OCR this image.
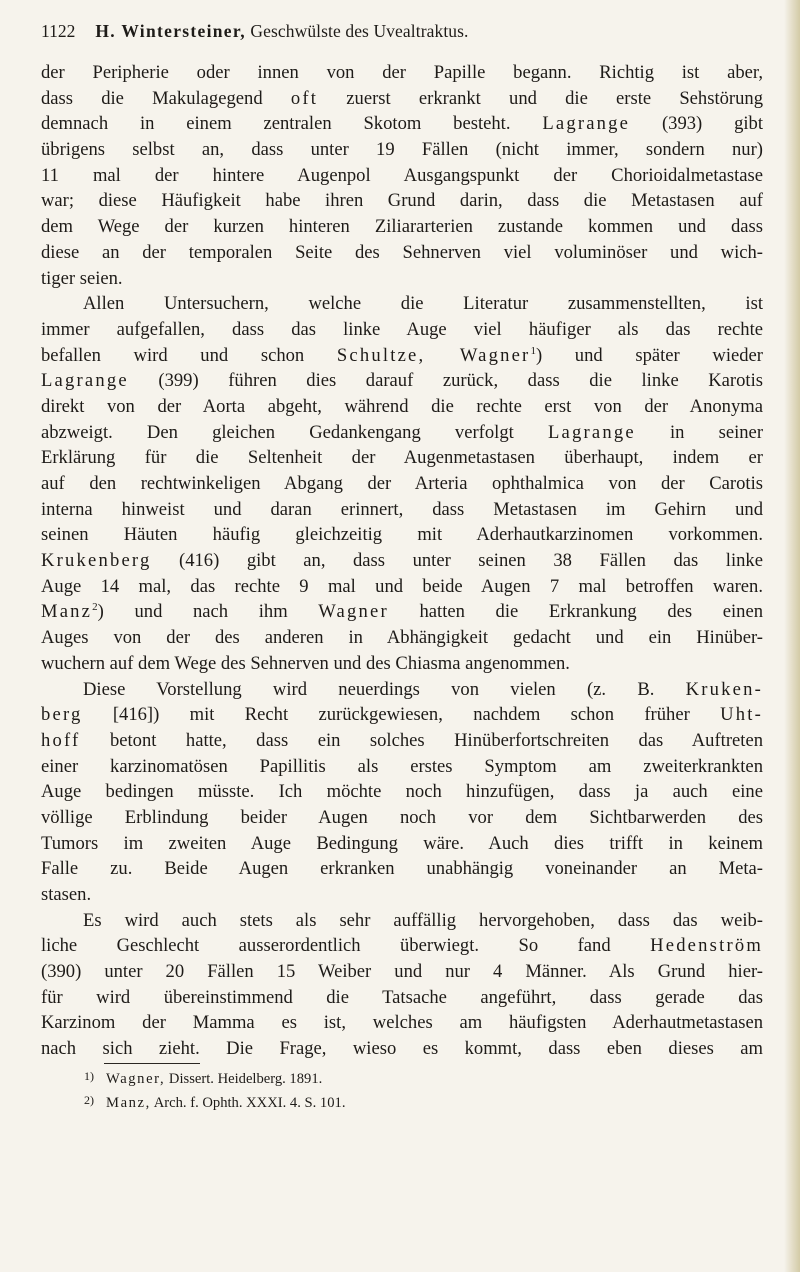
1122 H. Wintersteiner, Geschwülste des Uvealtraktus.
der Peripherie oder innen von der Papille begann. Richtig ist aber,
dass die Makulagegend oft zuerst erkrankt und die erste Sehstörung
demnach in einem zentralen Skotom besteht. Lagrange (393) gibt
übrigens selbst an, dass unter 19 Fällen (nicht immer, sondern nur)
11 mal der hintere Augenpol Ausgangspunkt der Chorioidalmetastase
war; diese Häufigkeit habe ihren Grund darin, dass die Metastasen auf
dem Wege der kurzen hinteren Ziliararterien zustande kommen und dass
diese an der temporalen Seite des Sehnerven viel voluminöser und wich-
tiger seien.
Allen Untersuchern, welche die Literatur zusammenstellten, ist
immer aufgefallen, dass das linke Auge viel häufiger als das rechte
befallen wird und schon Schultze, Wagner$^1$) und später wieder
Lagrange (399) führen dies darauf zurück, dass die linke Karotis
direkt von der Aorta abgeht, während die rechte erst von der Anonyma
abzweigt. Den gleichen Gedankengang verfolgt Lagrange in seiner
Erklärung für die Seltenheit der Augenmetastasen überhaupt, indem er
auf den rechtwinkeligen Abgang der Arteria ophthalmica von der Carotis
interna hinweist und daran erinnert, dass Metastasen im Gehirn und
seinen Häuten häufig gleichzeitig mit Aderhautkarzinomen vorkommen.
Krukenberg (416) gibt an, dass unter seinen 38 Fällen das linke
Auge 14 mal, das rechte 9 mal und beide Augen 7 mal betroffen waren.
Manz$^2$) und nach ihm Wagner hatten die Erkrankung des einen
Auges von der des anderen in Abhängigkeit gedacht und ein Hinüber-
wuchern auf dem Wege des Sehnerven und des Chiasma angenommen.
Diese Vorstellung wird neuerdings von vielen (z. B. Kruken-
berg [416]) mit Recht zurückgewiesen, nachdem schon früher Uht-
hoff betont hatte, dass ein solches Hinüberfortschreiten das Auftreten
einer karzinomatösen Papillitis als erstes Symptom am zweiterkrankten
Auge bedingen müsste. Ich möchte noch hinzufügen, dass ja auch eine
völlige Erblindung beider Augen noch vor dem Sichtbarwerden des
Tumors im zweiten Auge Bedingung wäre. Auch dies trifft in keinem
Falle zu. Beide Augen erkranken unabhängig voneinander an Meta-
stasen.
Es wird auch stets als sehr auffällig hervorgehoben, dass das weib-
liche Geschlecht ausserordentlich überwiegt. So fand Hedenström
(390) unter 20 Fällen 15 Weiber und nur 4 Männer. Als Grund hier-
für wird übereinstimmend die Tatsache angeführt, dass gerade das
Karzinom der Mamma es ist, welches am häufigsten Aderhautmetastasen
nach sich zieht. Die Frage, wieso es kommt, dass eben dieses am
1) Wagner, Dissert. Heidelberg. 1891.
2) Manz, Arch. f. Ophth. XXXI. 4. S. 101.
